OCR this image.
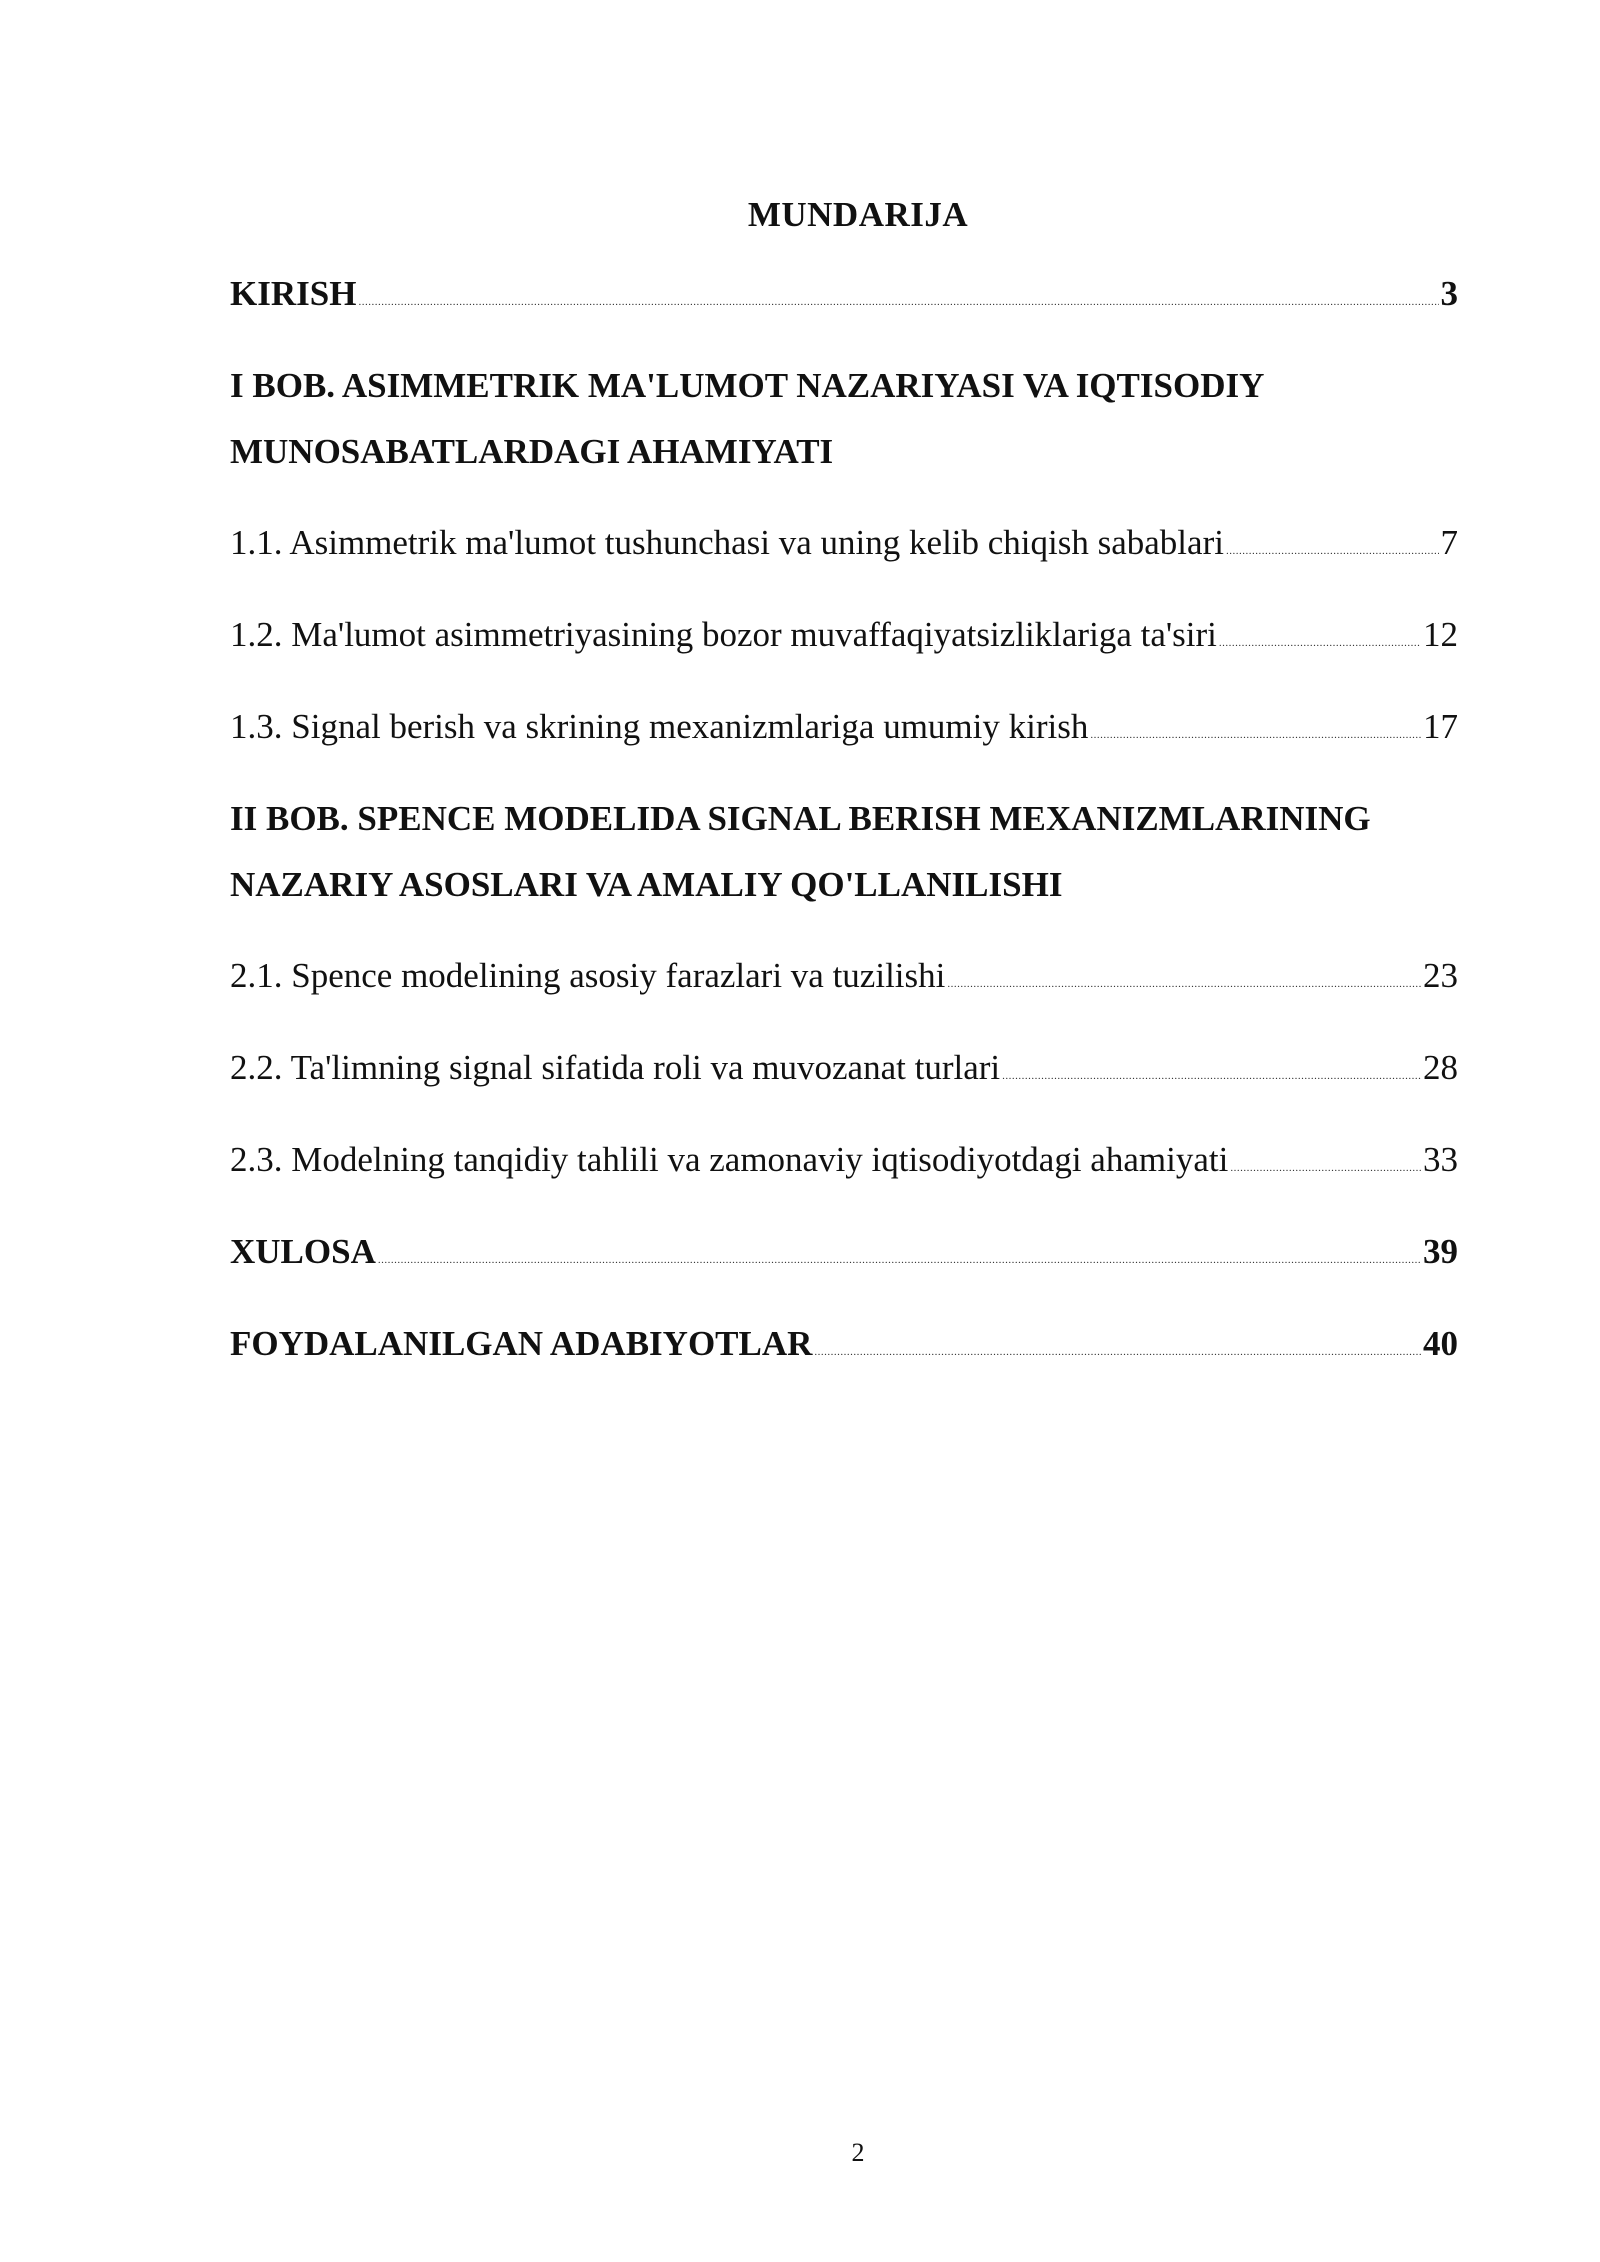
MUNDARIJA
KIRISH .....	3
I BOB. ASIMMETRIK MA'LUMOT NAZARIYASI VA IQTISODIY
MUNOSABATLARDAGI AHAMIYATI
1.1. Asimmetrik ma'lumot tushunchasi va uning kelib chiqish sabablari .....	7
1.2. Ma'lumot asimmetriyasining bozor muvaffaqiyatsizliklariga ta'siri .....	12
1.3. Signal berish va skrining mexanizmlariga umumiy kirish .....	17
II BOB. SPENCE MODELIDA SIGNAL BERISH MEXANIZMLARINING
NAZARIY ASOSLARI VA AMALIY QO'LLANILISHI
2.1. Spence modelining asosiy farazlari va tuzilishi .....	23
2.2. Ta'limning signal sifatida roli va muvozanat turlari .....	28
2.3. Modelning tanqidiy tahlili va zamonaviy iqtisodiyotdagi ahamiyati .....	33
XULOSA .....	39
FOYDALANILGAN ADABIYOTLAR .....	40
2
